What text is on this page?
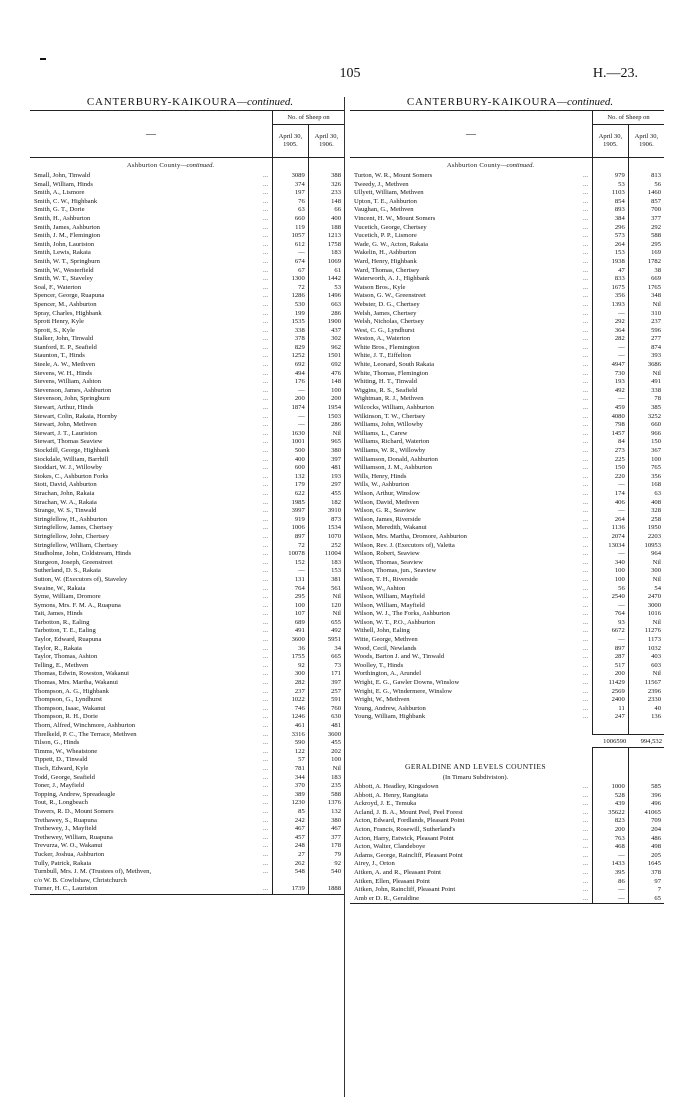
105	H.—23.
CANTERBURY-KAIKOURA—continued.
—	No. of Sheep on	
	April 30, 1905.	April 30, 1906.
Ashburton County—continued.		

...
Small, John, Tinwald	3089	388

...
Small, William, Hinds	374	326

...
Smith, A., Lismore	197	233

...
Smith, C. W., Highbank	76	148

...
Smith, G. T., Dorie	63	66

...
Smith, H., Ashburton	660	400

...
Smith, James, Ashburton	119	188

...
Smith, J. M., Flemington	1057	1213

...
Smith, John, Lauriston	612	1758

...
Smith, Lewis, Rakaia	—	183

...
Smith, W. T., Springburn	674	1069

...
Smith, W., Westerfield	67	61

...
Smith, W. T., Staveley	1300	1442

...
Soal, F., Waterton	72	53

...
Spencer, George, Ruapuna	1286	1496

...
Spencer, M., Ashburton	530	663

...
Spray, Charles, Highbank	199	286

...
Sprott Henry, Kyle	1535	1900

...
Sprott, S., Kyle	338	437

...
Stalker, John, Tinwald	378	302

...
Stanford, E. P., Seafield	829	962

...
Staunton, T., Hinds	1252	1501

...
Steele, A. W., Methven	692	692

...
Stevens, W. H., Hinds	494	476

...
Stevens, William, Ashton	176	148

...
Stevenson, James, Ashburton	—	100

...
Stevenson, John, Springburn	200	200

...
Stewart, Arthur, Hinds	1874	1954

...
Stewart, Colin, Rakaia, Hornby	—	1503

...
Stewart, John, Methven	—	286

...
Stewart, J. T., Lauriston	1630	Nil

...
Stewart, Thomas Seaview	1001	965

...
Stockdill, George, Highbank	500	380

...
Stockdale, William, Barrhill	400	397

...
Stoddart, W. J., Willowby	600	481

...
Stokes, C., Ashburton Forks	132	193

...
Stott, David, Ashburton	179	297

...
Strachan, John, Rakaia	622	455

...
Strachan, W. A., Rakaia	1985	182

...
Strange, W. S., Tinwald	3997	3910

...
Stringfellow, H., Ashburton	919	873

...
Stringfellow, James, Chertsey	1006	1534

...
Stringfellow, John, Chertsey	897	1070

...
Stringfellow, William, Chertsey	72	252

...
Studholme, John, Coldstream, Hinds	10078	11004

...
Sturgeon, Joseph, Greenstreet	152	183

...
Sutherland, D. S., Rakaia	—	153

...
Sutton, W. (Executors of), Staveley	131	381

...
Swaine, W., Rakaia	764	561

...
Syme, William, Dromore	295	Nil

...
Symons, Mrs. F. M. A., Ruapuna	100	120

...
Tait, James, Hinds	107	Nil

...
Tarbotton, R., Ealing	689	655

...
Tarbotton, T. E., Ealing	491	492

...
Taylor, Edward, Ruapuna	3600	5951

...
Taylor, R., Rakaia	36	34

...
Taylor, Thomas, Ashton	1755	665

...
Telling, E., Methven	92	73

...
Thomas, Edwin, Rowston, Wakanui	300	171

...
Thomas, Mrs. Martha, Wakanui	282	397

...
Thompson, A. G., Highbank	237	257

...
Thompson, G., Lyndhurst	1022	591

...
Thompson, Isaac, Wakanui	746	760

...
Thompson, R. H., Dorie	1246	630

...
Thorn, Alfred, Winchmore, Ashburton	461	481

...
Threlkeld, P. C., The Terrace, Methven	3316	3600

...
Tilson, G., Hinds	590	455

...
Timms, W., Wheatstone	122	202

...
Tippett, D., Tinwald	57	100

...
Tisch, Edward, Kyle	781	Nil

...
Todd, George, Seafield	344	183

...
Toner, J., Mayfield	370	235

...
Topping, Andrew, Spreadeagle	389	588

...
Tout, R., Longbeach	1230	1376

...
Travers, R. D., Mount Somers	85	132

...
Trethawey, S., Ruapuna	242	380

...
Trethewey, J., Mayfield	467	467

...
Trethewey, William, Ruapuna	457	377

...
Trevurza, W. O., Wakanui	248	178

...
Tucker, Joshua, Ashburton	27	79

...
Tully, Patrick, Rakaia	262	92

...
Turnbull, Mrs. J. M. (Trustees of), Methven,	548	540

c/o W. B. Cowlishaw, Christchurch		

...
Turner, H. C., Lauriston	1739	1888

CANTERBURY-KAIKOURA—continued.
—	No. of Sheep on	
	April 30, 1905.	April 30, 1906.
Ashburton County—continued.		

...
Turton, W. R., Mount Somers	979	813

...
Tweedy, J., Methven	53	56

...
Ullyett, William, Methven	1103	1460

...
Upton, T. E., Ashburton	854	857

...
Vaughan, G., Methven	893	700

...
Vincent, H. W., Mount Somers	384	377

...
Vucetich, George, Chertsey	296	292

...
Vucetich, P. P., Lismore	573	588

...
Wade, G. W., Acton, Rakaia	264	295

...
Wakelin, H., Ashburton	153	169

...
Ward, Henry, Highbank	1938	1782

...
Ward, Thomas, Chertsey	47	38

...
Waterworth, A. J., Highbank	833	669

...
Watson Bros., Kyle	1675	1765

...
Watson, G. W., Greenstreet	356	348

...
Webster, D. G., Chertsey	1393	Nil

...
Welsh, James, Chertsey	—	310

...
Welsh, Nicholas, Chertsey	292	237

...
West, C. G., Lyndhurst	364	596

...
Weston, A., Waterton	282	277

...
White Bros., Flemington	—	874

...
White, J. T., Eiffelton	—	393

...
White, Leonard, South Rakaia	4947	3686

...
White, Thomas, Flemington	730	Nil

...
Whiting, H. T., Tinwald	193	491

...
Wiggins, R. S., Seafield	492	338

...
Wightman, R. J., Methven	—	78

...
Wilcocks, William, Ashburton	459	385

...
Wilkinson, T. W., Chertsey	4080	3252

...
Williams, John, Willowby	798	660

...
Williams, L., Carew	1457	966

...
Williams, Richard, Waterton	84	150

...
Williams, W. R., Willowby	273	367

...
Williamson, Donald, Ashburton	225	100

...
Williamson, J. M., Ashburton	150	765

...
Wills, Henry, Hinds	220	356

...
Wills, W., Ashburton	—	168

...
Wilson, Arthur, Winslow	174	63

...
Wilson, David, Methven	406	408

...
Wilson, G. R., Seaview	—	328

...
Wilson, James, Riverside	264	258

...
Wilson, Meredith, Wakanui	1136	1950

...
Wilson, Mrs. Martha, Dromore, Ashburton	2074	2203

...
Wilson, Rev. J. (Executors of), Valetta	13034	10953

...
Wilson, Robert, Seaview	—	964

...
Wilson, Thomas, Seaview	340	Nil

...
Wilson, Thomas, jun., Seaview	100	300

...
Wilson, T. H., Riverside	100	Nil

...
Wilson, W., Ashton	56	54

...
Wilson, William, Mayfield	2540	2470

...
Wilson, William, Mayfield	—	3000

...
Wilson, W. J., The Forks, Ashburton	764	1016

...
Wilson, W. T., P.O., Ashburton	93	Nil

...
Withell, John, Ealing	6672	11276

...
Witte, George, Methven	—	1173

...
Wood, Cecil, Newlands	897	1032

...
Woods, Barton J. and W., Tinwald	287	403

...
Woolley, T., Hinds	517	603

...
Worthington, A., Arundel	200	Nil

...
Wright, E. G., Gawler Downs, Winslow	11429	11567

...
Wright, E. G., Windermere, Winslow	2569	2396

...
Wright, W., Methven	2400	2330

...
Young, Andrew, Ashburton	11	40

...
Young, William, Highbank	247	136

	1006590	994,532

GERALDINE AND LEVELS COUNTIES		
(In Timaru Subdivision).		

...
Abbott, A. Headley, Kingsdown	1000	585

...
Abbott, A. Henry, Rangitata	528	396

...
Ackroyd, J. E., Temuka	439	496

...
Acland, J. B. A., Mount Peel, Peel Forest	35622	41065

...
Acton, Edward, Fordlands, Pleasant Point	823	709

...
Acton, Francis, Rosewill, Sutherland's	200	204

...
Acton, Harry, Estwick, Pleasant Point	763	486

...
Acton, Walter, Clandeboye	468	498

...
Adams, George, Raincliff, Pleasant Point	—	205

...
Airey, J., Orton	1433	1645

...
Aitken, A. and R., Pleasant Point	395	378

...
Aitken, Ellen, Pleasant Point	86	97

...
Aitken, John, Raincliff, Pleasant Point	—	7

...
Amb er D. R., Geraldine	—	65
